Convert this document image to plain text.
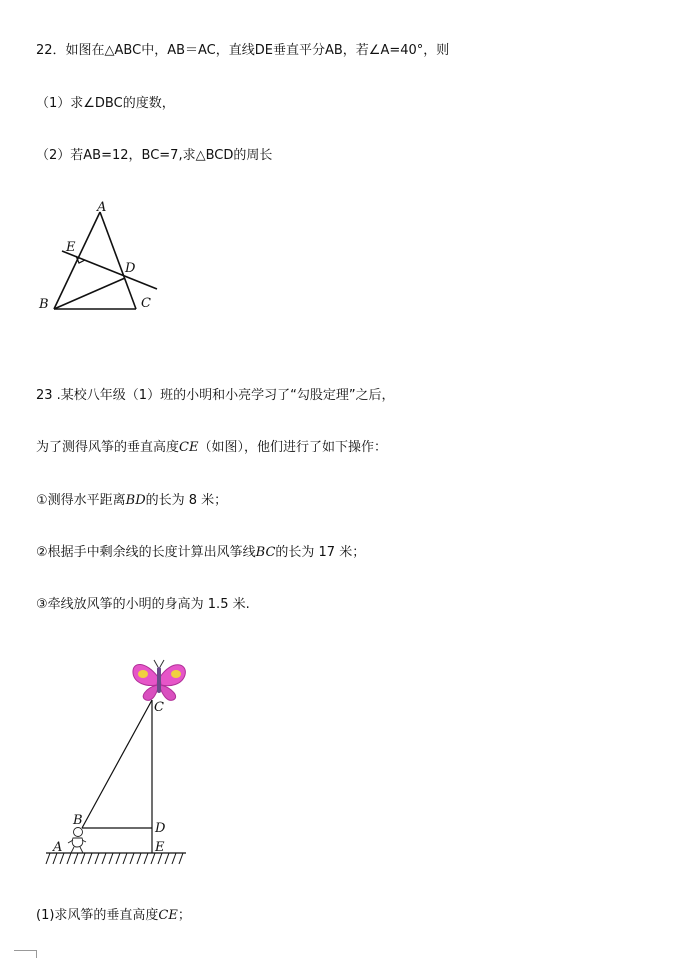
22．如图在△ABC中，AB＝AC，直线DE垂直平分AB，若∠A=40°，则
（1）求∠DBC的度数，
（2）若AB=12，BC=7,求△BCD的周长
A
E
D
B	C
23 .某校八年级（1）班的小明和小亮学习了“勾股定理”之后，
为了测得风筝的垂直高度CE（如图），他们进行了如下操作：
①测得水平距离BD的长为 8 米；
②根据手中剩余线的长度计算出风筝线BC的长为 17 米；
③牵线放风筝的小明的身高为 1.5 米.
C
B
D
A	E
(1)求风筝的垂直高度CE；
